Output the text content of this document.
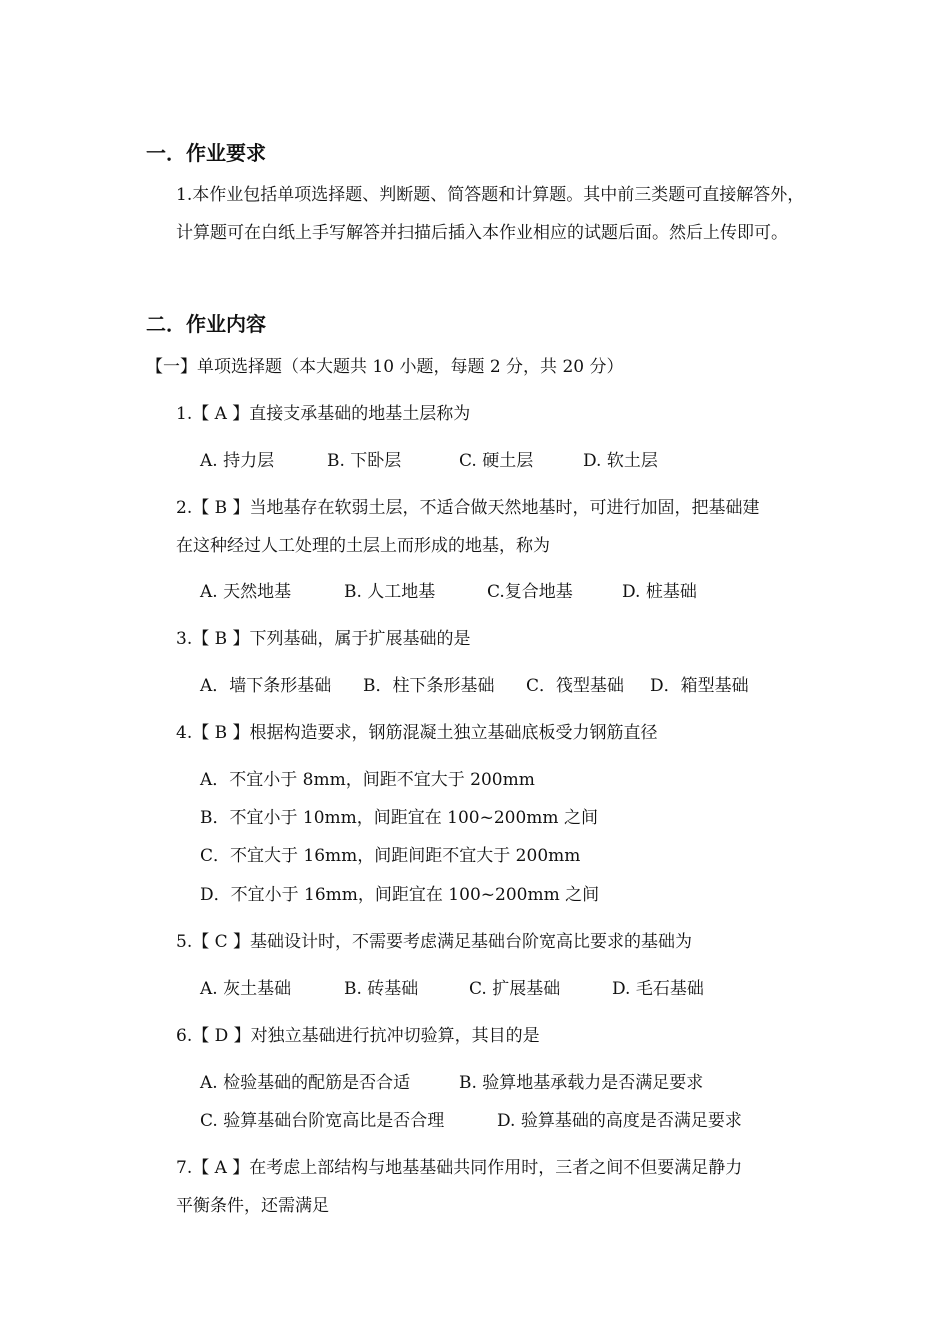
一．作业要求
1.本作业包括单项选择题、判断题、简答题和计算题。其中前三类题可直接解答外，计算题可在白纸上手写解答并扫描后插入本作业相应的试题后面。然后上传即可。
二．作业内容
【一】单项选择题（本大题共 10 小题，每题 2 分，共 20 分）
1.【 A 】直接支承基础的地基土层称为
A. 持力层	B. 下卧层	C. 硬土层	D. 软土层
2.【 B 】当地基存在软弱土层，不适合做天然地基时，可进行加固，把基础建
在这种经过人工处理的土层上而形成的地基，称为
A. 天然地基	B. 人工地基	C.复合地基	D. 桩基础
3.【 B 】下列基础，属于扩展基础的是
A．墙下条形基础 B．柱下条形基础 C．筏型基础 D．箱型基础
4.【 B 】根据构造要求，钢筋混凝土独立基础底板受力钢筋直径
A．不宜小于 8mm，间距不宜大于 200mm
B．不宜小于 10mm，间距宜在 100~200mm 之间
C．不宜大于 16mm，间距间距不宜大于 200mm
D．不宜小于 16mm，间距宜在 100~200mm 之间
5.【 C 】基础设计时，不需要考虑满足基础台阶宽高比要求的基础为
A. 灰土基础	B. 砖基础	C. 扩展基础	D. 毛石基础
6.【 D 】对独立基础进行抗冲切验算，其目的是
A. 检验基础的配筋是否合适	B. 验算地基承载力是否满足要求
C. 验算基础台阶宽高比是否合理	D. 验算基础的高度是否满足要求
7.【 A 】在考虑上部结构与地基基础共同作用时，三者之间不但要满足静力
平衡条件，还需满足
